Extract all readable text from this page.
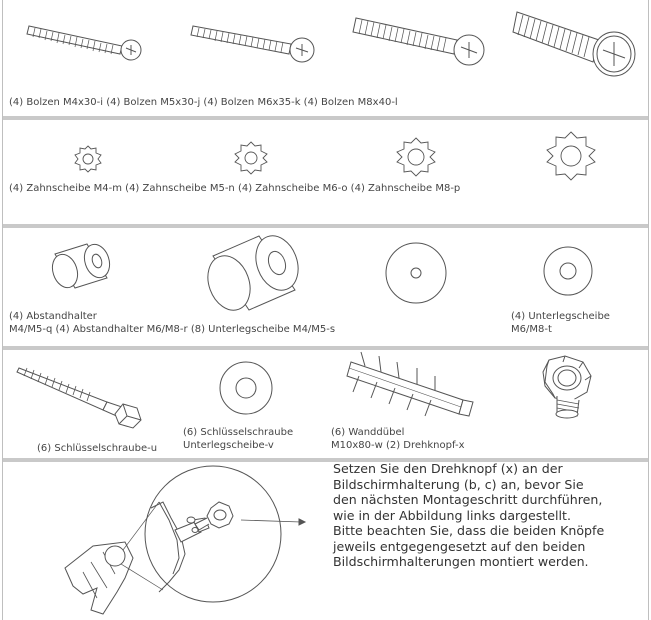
(4) Bolzen M4x30-i (4) Bolzen M5x30-j (4) Bolzen M6x35-k (4) Bolzen M8x40-l
(4) Zahnscheibe M4-m (4) Zahnscheibe M5-n (4) Zahnscheibe M6-o (4) Zahnscheibe M8-p
(4) Abstandhalter
M4/M5-q (4) Abstandhalter M6/M8-r (8) Unterlegscheibe M4/M5-s
(4) Unterlegscheibe
M6/M8-t
(6) Schlüsselschraube-u
(6) Schlüsselschraube
Unterlegscheibe-v
(6) Wanddübel
M10x80-w (2) Drehknopf-x
Setzen Sie den Drehknopf (x) an der
Bildschirmhalterung (b, c) an, bevor Sie
den nächsten Montageschritt durchführen,
wie in der Abbildung links dargestellt.
Bitte beachten Sie, dass die beiden Knöpfe
jeweils entgegengesetzt auf den beiden
Bildschirmhalterungen montiert werden.
